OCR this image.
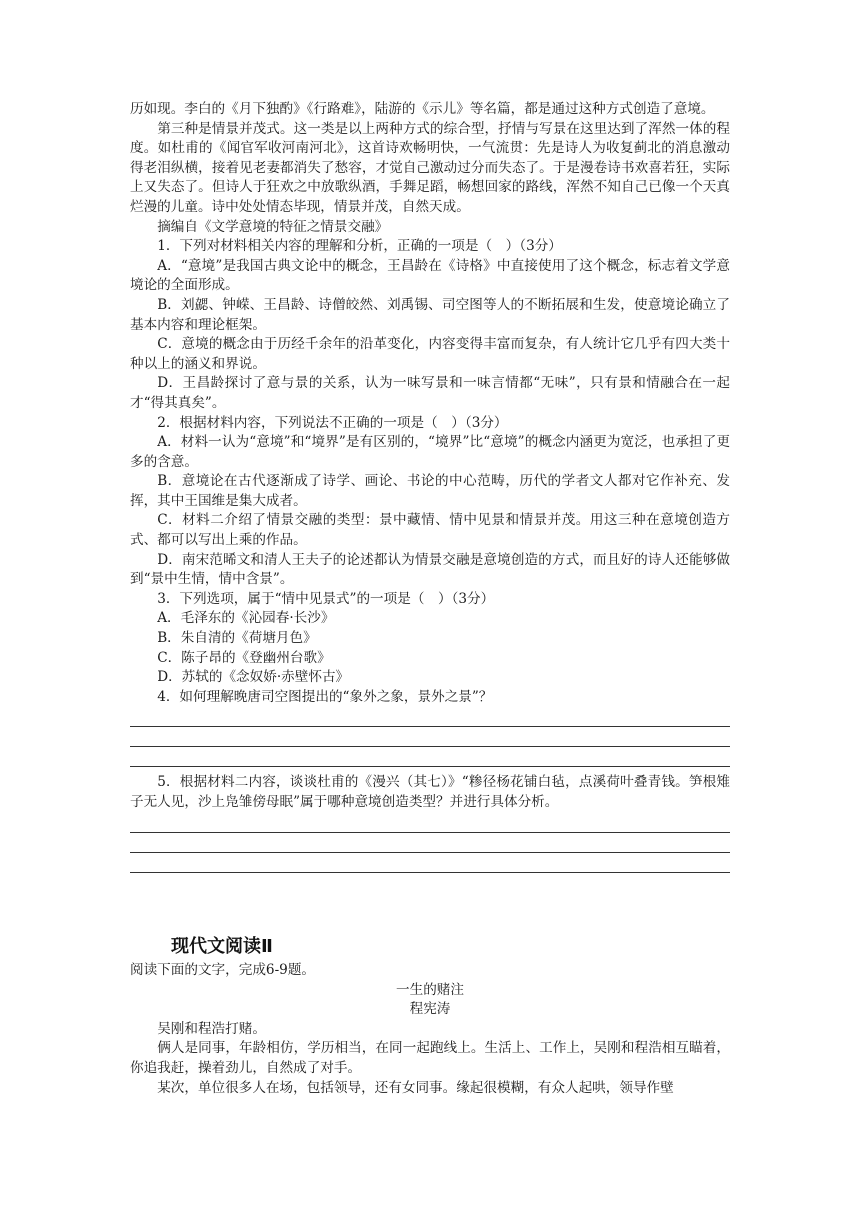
历如现。李白的《月下独酌》《行路难》，陆游的《示儿》等名篇，都是通过这种方式创造了意境。

第三种是情景并茂式。这一类是以上两种方式的综合型，抒情与写景在这里达到了浑然一体的程度。如杜甫的《闻官军收河南河北》，这首诗欢畅明快，一气流贯：先是诗人为收复蓟北的消息激动得老泪纵横，接着见老妻都消失了愁容，才觉自己激动过分而失态了。于是漫卷诗书欢喜若狂，实际上又失态了。但诗人于狂欢之中放歌纵酒，手舞足蹈，畅想回家的路线，浑然不知自己已像一个天真烂漫的儿童。诗中处处情态毕现，情景并茂，自然天成。

摘编自《文学意境的特征之情景交融》

1．下列对材料相关内容的理解和分析，正确的一项是（　）（3分）

A．“意境”是我国古典文论中的概念，王昌龄在《诗格》中直接使用了这个概念，标志着文学意境论的全面形成。

B．刘勰、钟嵘、王昌龄、诗僧皎然、刘禹锡、司空图等人的不断拓展和生发，使意境论确立了基本内容和理论框架。

C．意境的概念由于历经千余年的沿革变化，内容变得丰富而复杂，有人统计它几乎有四大类十种以上的涵义和界说。

D．王昌龄探讨了意与景的关系，认为一味写景和一味言情都“无味”，只有景和情融合在一起才“得其真矣”。

2．根据材料内容，下列说法不正确的一项是（　）（3分）

A．材料一认为“意境”和“境界”是有区别的，“境界”比“意境”的概念内涵更为宽泛，也承担了更多的含意。

B．意境论在古代逐渐成了诗学、画论、书论的中心范畴，历代的学者文人都对它作补充、发挥，其中王国维是集大成者。

C．材料二介绍了情景交融的类型：景中藏情、情中见景和情景并茂。用这三种在意境创造方式、都可以写出上乘的作品。

D．南宋范晞文和清人王夫子的论述都认为情景交融是意境创造的方式，而且好的诗人还能够做到“景中生情，情中含景”。

3．下列选项，属于“情中见景式”的一项是（　）（3分）

A．毛泽东的《沁园春·长沙》

B．朱自清的《荷塘月色》

C．陈子昂的《登幽州台歌》

D．苏轼的《念奴娇·赤壁怀古》

4．如何理解晚唐司空图提出的“象外之象，景外之景”？

5．根据材料二内容，谈谈杜甫的《漫兴（其七）》“糁径杨花铺白毡，点溪荷叶叠青钱。笋根雉子无人见，沙上凫雏傍母眠”属于哪种意境创造类型？并进行具体分析。

现代文阅读Ⅱ

阅读下面的文字，完成6-9题。

一生的赌注

程宪涛

吴刚和程浩打赌。

俩人是同事，年龄相仿，学历相当，在同一起跑线上。生活上、工作上，吴刚和程浩相互瞄着，你追我赶，操着劲儿，自然成了对手。

某次，单位很多人在场，包括领导，还有女同事。缘起很模糊，有众人起哄，领导作壁
